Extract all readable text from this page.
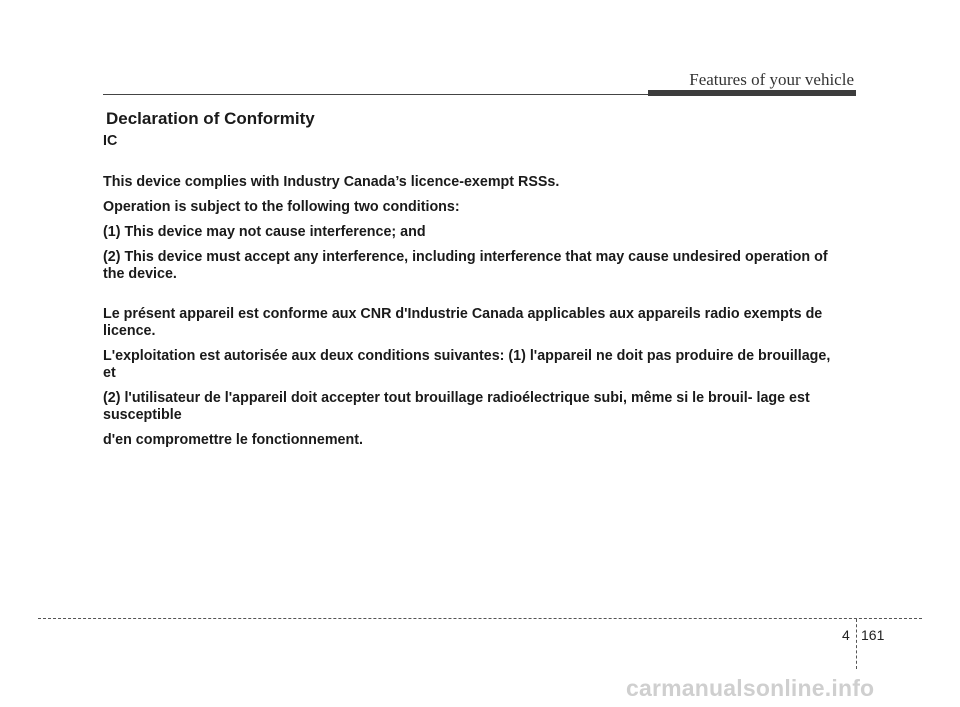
Features of your vehicle
Declaration of Conformity

IC

This device complies with Industry Canada’s licence-exempt RSSs.

Operation is subject to the following two conditions:

(1) This device may not cause interference; and

(2) This device must accept any interference, including interference that may cause undesired operation of the device.

Le présent appareil est conforme aux CNR d'Industrie Canada applicables aux appareils radio exempts de licence.

L'exploitation est autorisée aux deux conditions suivantes: (1) l'appareil ne doit pas produire de brouillage, et

(2) l'utilisateur de l'appareil doit accepter tout brouillage radioélectrique subi, même si le brouil- lage est susceptible

d'en compromettre le fonctionnement.

4 161
carmanualsonline.info
